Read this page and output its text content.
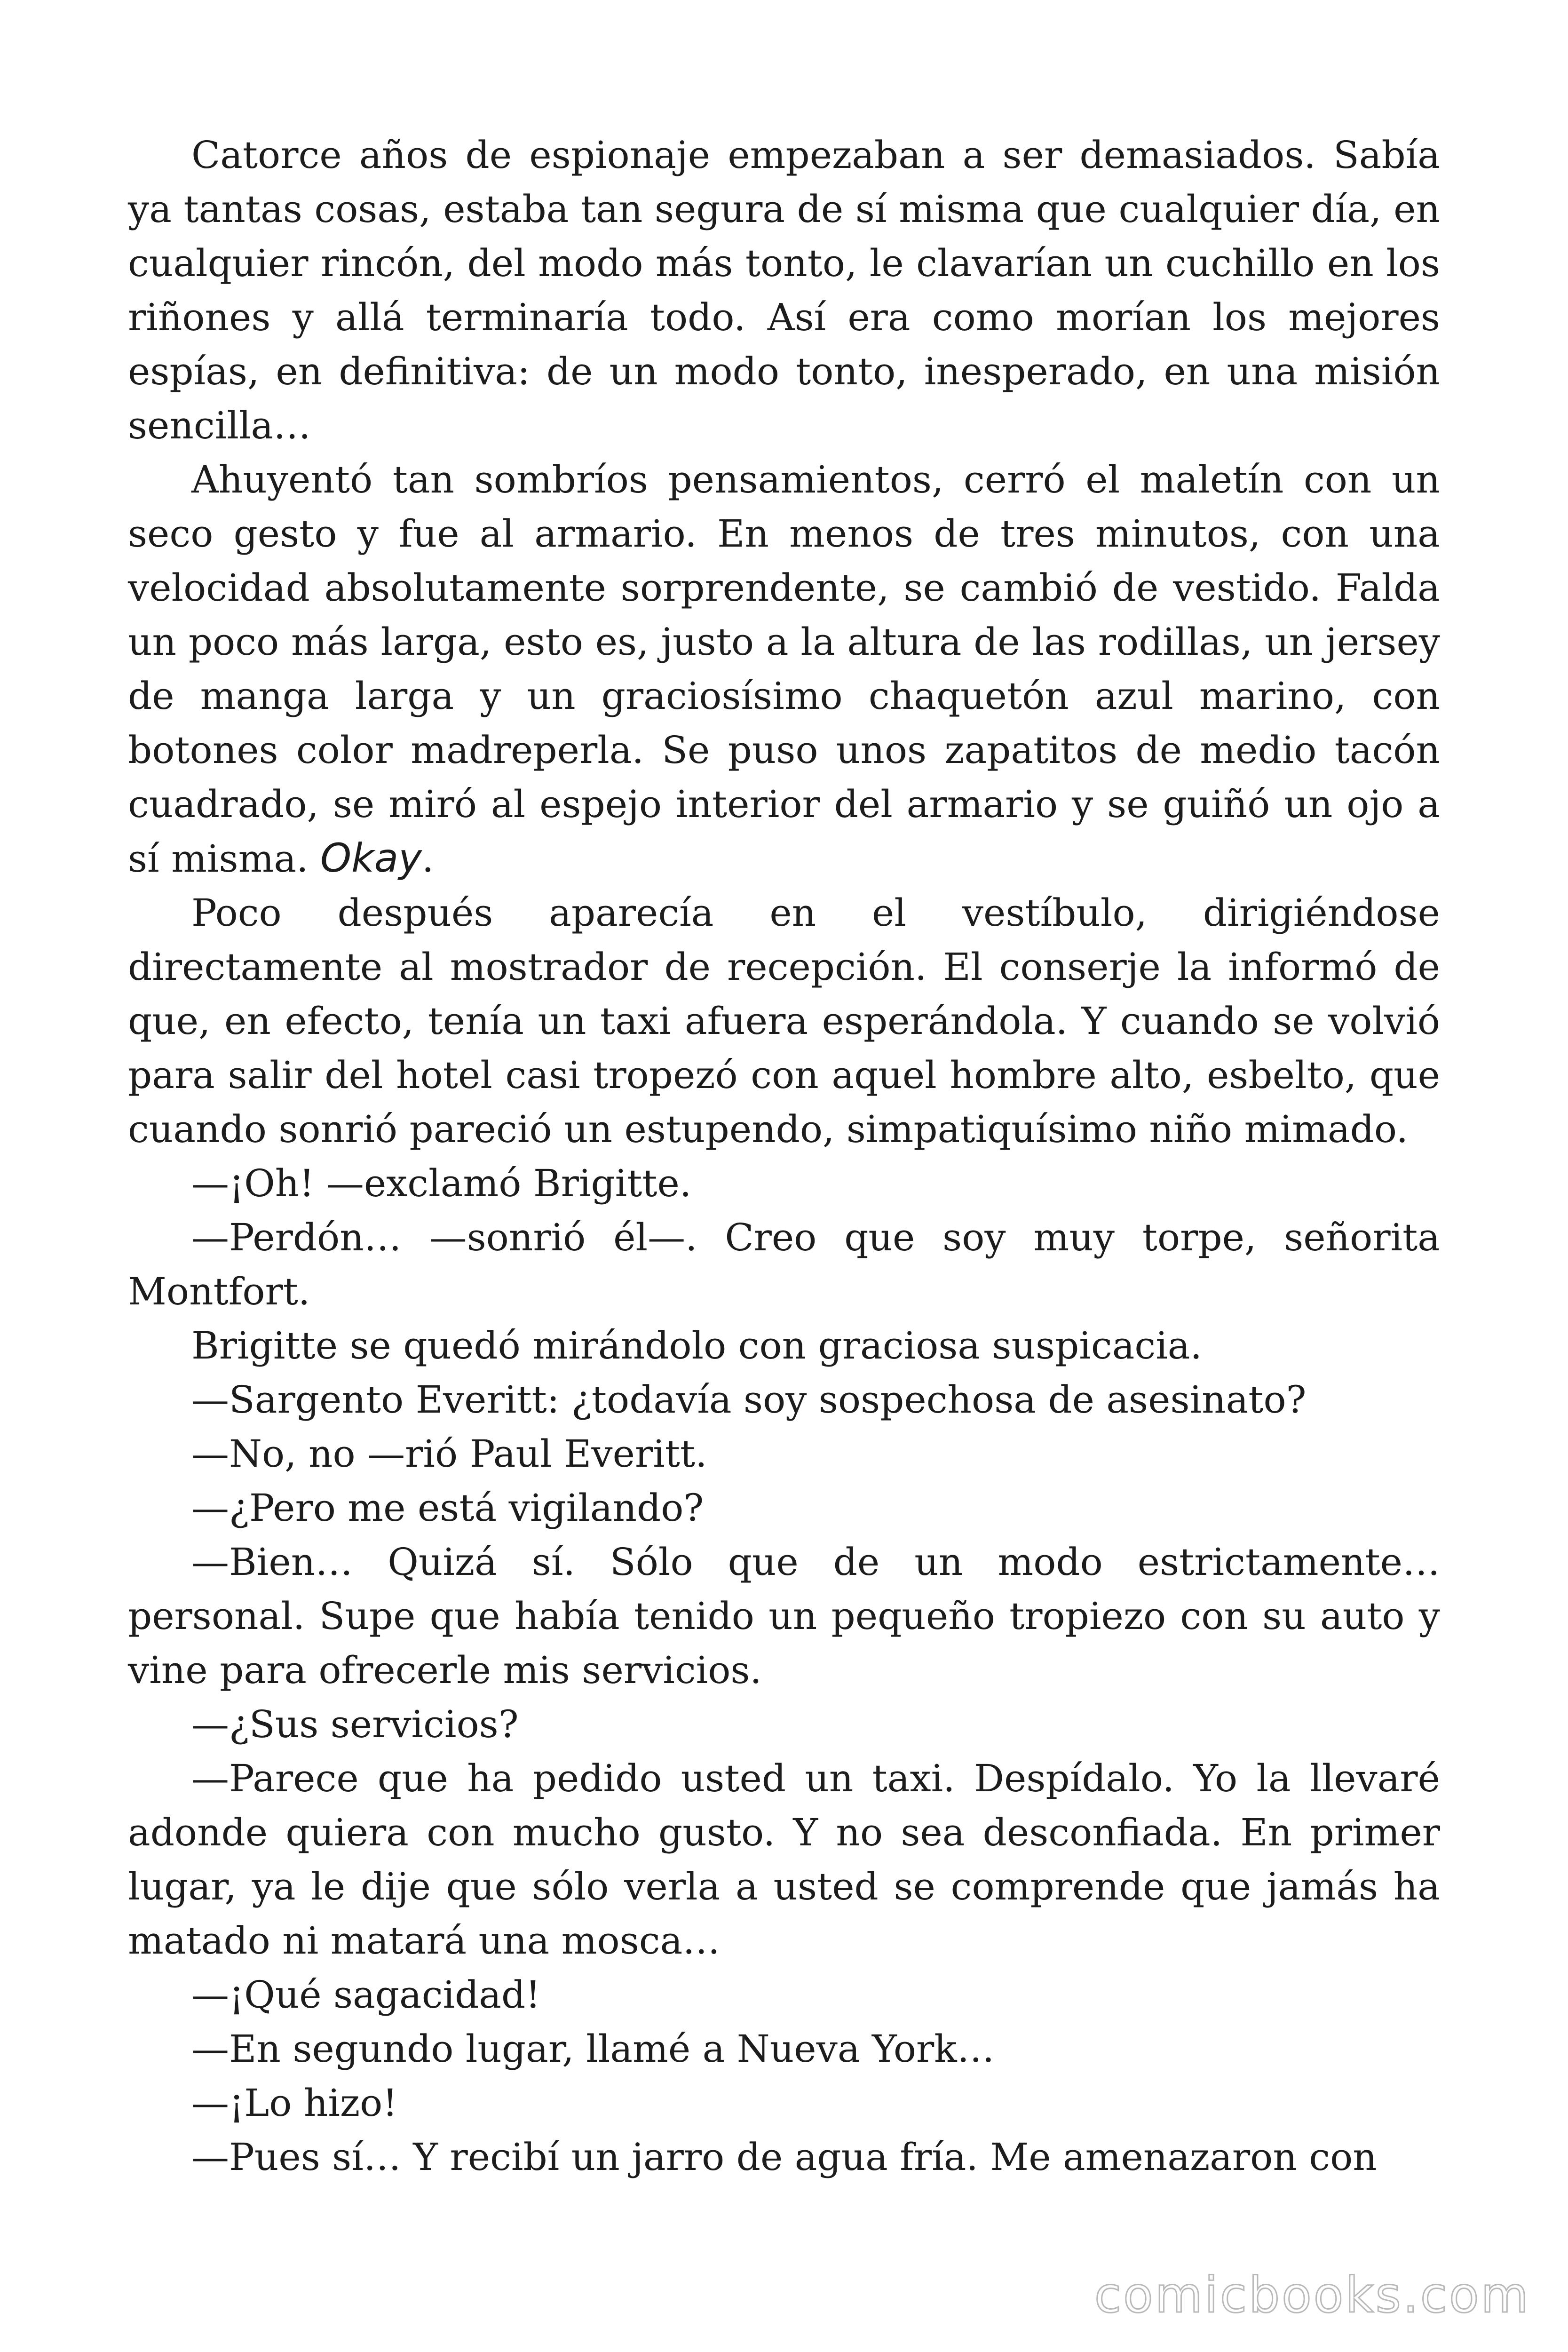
Catorce años de espionaje empezaban a ser demasiados. Sabía ya tantas cosas, estaba tan segura de sí misma que cualquier día, en cualquier rincón, del modo más tonto, le clavarían un cuchillo en los riñones y allá terminaría todo. Así era como morían los mejores espías, en definitiva: de un modo tonto, inesperado, en una misión sencilla…

Ahuyentó tan sombríos pensamientos, cerró el maletín con un seco gesto y fue al armario. En menos de tres minutos, con una velocidad absolutamente sorprendente, se cambió de vestido. Falda un poco más larga, esto es, justo a la altura de las rodillas, un jersey de manga larga y un graciosísimo chaquetón azul marino, con botones color madreperla. Se puso unos zapatitos de medio tacón cuadrado, se miró al espejo interior del armario y se guiñó un ojo a sí misma. Okay.

Poco después aparecía en el vestíbulo, dirigiéndose directamente al mostrador de recepción. El conserje la informó de que, en efecto, tenía un taxi afuera esperándola. Y cuando se volvió para salir del hotel casi tropezó con aquel hombre alto, esbelto, que cuando sonrió pareció un estupendo, simpatiquísimo niño mimado.

—¡Oh! —exclamó Brigitte.

—Perdón… —sonrió él—. Creo que soy muy torpe, señorita Montfort.

Brigitte se quedó mirándolo con graciosa suspicacia.

—Sargento Everitt: ¿todavía soy sospechosa de asesinato?

—No, no —rió Paul Everitt.

—¿Pero me está vigilando?

—Bien… Quizá sí. Sólo que de un modo estrictamente… personal. Supe que había tenido un pequeño tropiezo con su auto y vine para ofrecerle mis servicios.

—¿Sus servicios?

—Parece que ha pedido usted un taxi. Despídalo. Yo la llevaré adonde quiera con mucho gusto. Y no sea desconfiada. En primer lugar, ya le dije que sólo verla a usted se comprende que jamás ha matado ni matará una mosca…

—¡Qué sagacidad!

—En segundo lugar, llamé a Nueva York…

—¡Lo hizo!

—Pues sí… Y recibí un jarro de agua fría. Me amenazaron con

comicbooks.com
